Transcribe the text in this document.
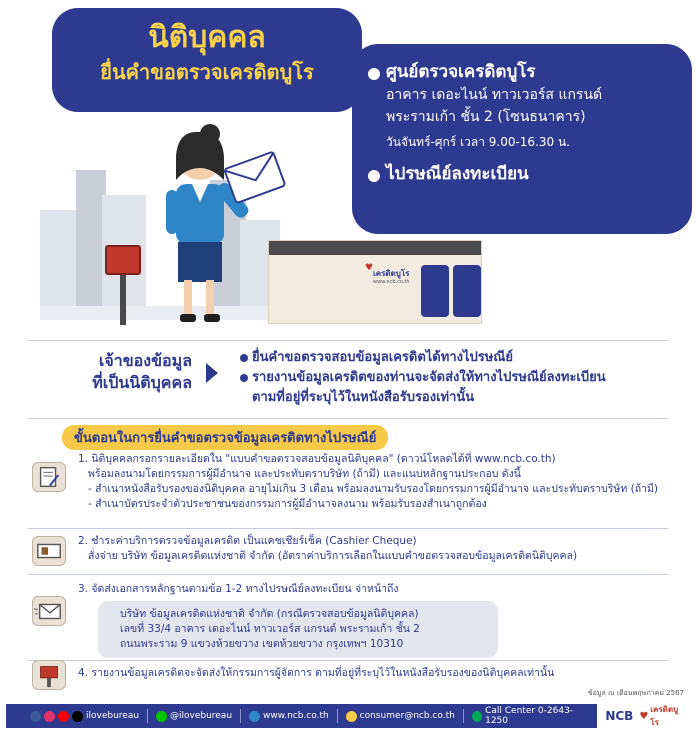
♥
เครดิตบูโร
www.ncb.co.th
ศูนย์ตรวจเครดิตบูโร
อาคาร เดอะไนน์ ทาวเวอร์ส แกรนด์
พระรามเก้า ชั้น 2 (โซนธนาคาร)
วันจันทร์-ศุกร์ เวลา 9.00-16.30 น.
ไปรษณีย์ลงทะเบียน
นิติบุคคล
ยื่นคำขอตรวจเครดิตบูโร
เจ้าของข้อมูล
ที่เป็นนิติบุคคล
ยื่นคำขอตรวจสอบข้อมูลเครดิตได้ทางไปรษณีย์
รายงานข้อมูลเครดิตของท่านจะจัดส่งให้ทางไปรษณีย์ลงทะเบียน
ตามที่อยู่ที่ระบุไว้ในหนังสือรับรองเท่านั้น
ขั้นตอนในการยื่นคำขอตรวจข้อมูลเครดิตทางไปรษณีย์
1. นิติบุคคลกรอกรายละเอียดใน "แบบคำขอตรวจสอบข้อมูลนิติบุคคล" (ดาวน์โหลดได้ที่ www.ncb.co.th)
พร้อมลงนามโดยกรรมการผู้มีอำนาจ และประทับตราบริษัท (ถ้ามี) และแนบหลักฐานประกอบ ดังนี้
- สำเนาหนังสือรับรองของนิติบุคคล อายุไม่เกิน 3 เดือน พร้อมลงนามรับรองโดยกรรมการผู้มีอำนาจ และประทับตราบริษัท (ถ้ามี)
- สำเนาบัตรประจำตัวประชาชนของกรรมการผู้มีอำนาจลงนาม พร้อมรับรองสำเนาถูกต้อง
2. ชำระค่าบริการตรวจข้อมูลเครดิต เป็นแคชเชียร์เช็ค (Cashier Cheque)
สั่งจ่าย บริษัท ข้อมูลเครดิตแห่งชาติ จำกัด (อัตราค่าบริการเลือกในแบบคำขอตรวจสอบข้อมูลเครดิตนิติบุคคล)
3. จัดส่งเอกสารหลักฐานตามข้อ 1-2 ทางไปรษณีย์ลงทะเบียน จ่าหน้าถึง
บริษัท ข้อมูลเครดิตแห่งชาติ จำกัด (กรณีตรวจสอบข้อมูลนิติบุคคล)
เลขที่ 33/4 อาคาร เดอะไนน์ ทาวเวอร์ส แกรนด์ พระรามเก้า ชั้น 2
ถนนพระราม 9 แขวงห้วยขวาง เขตห้วยขวาง กรุงเทพฯ 10310
4. รายงานข้อมูลเครดิตจะจัดส่งให้กรรมการผู้จัดการ ตามที่อยู่ที่ระบุไว้ในหนังสือรับรองของนิติบุคคลเท่านั้น
ข้อมูล ณ เดือนพฤษภาคม 2567
ilovebureau	@ilovebureau	www.ncb.co.th	consumer@ncb.co.th	Call Center 0-2643-1250	NCB ♥
เครดิตบูโร
